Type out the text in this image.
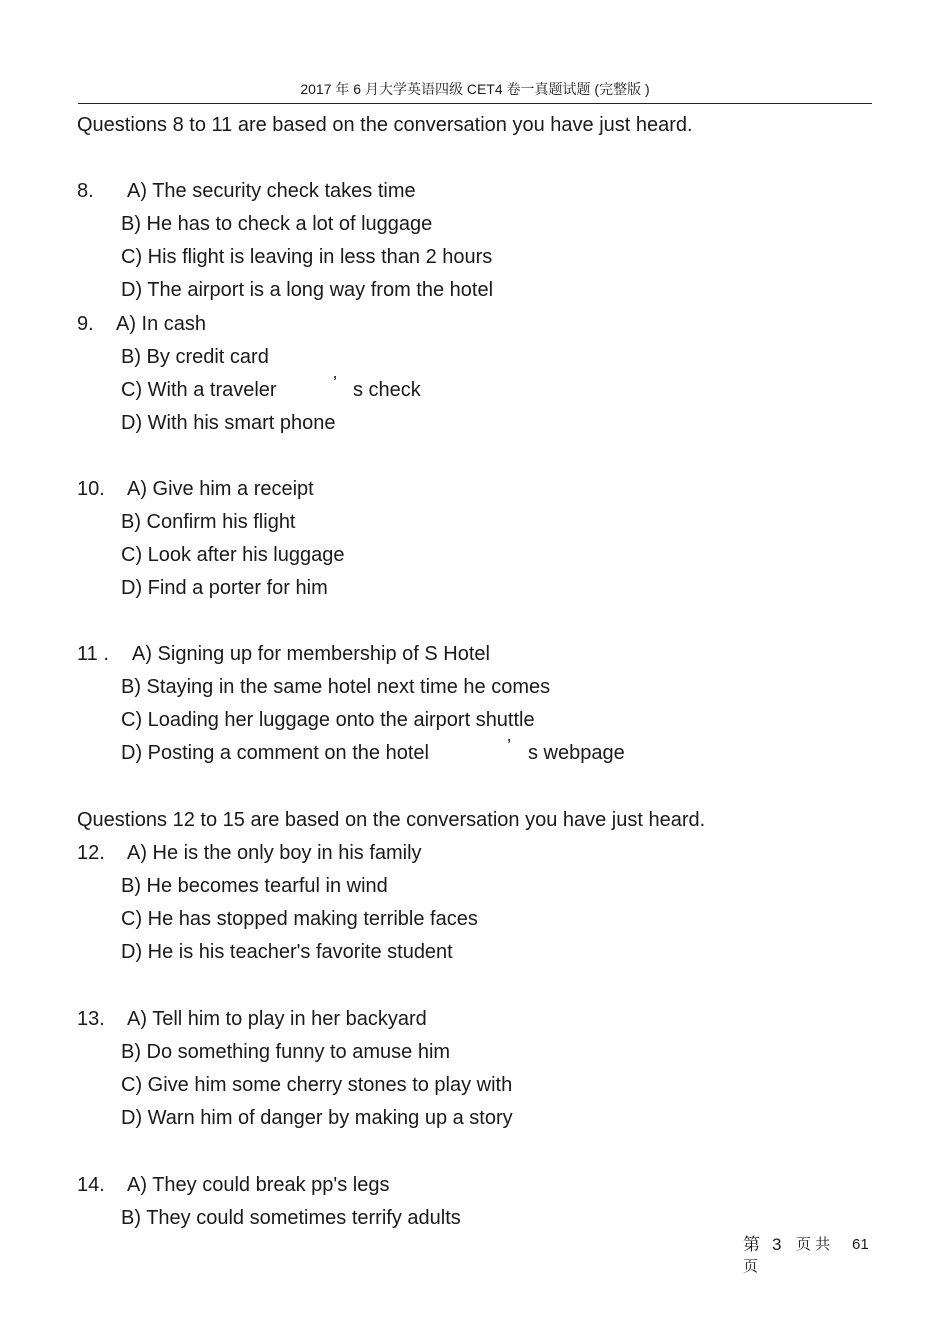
2017 年 6 月大学英语四级 CET4 卷一真题试题 (完整版 )
Questions 8 to 11 are based on the conversation you have just heard.
8. A) The security check takes time
B) He has to check a lot of luggage
C) His flight is leaving in less than 2 hours
D) The airport is a long way from the hotel
9. A) In cash
B) By credit card
C) With a traveler	’ s check
D) With his smart phone
10. A) Give him a receipt
B) Confirm his flight
C) Look after his luggage
D) Find a porter for him
11 . A) Signing up for membership of S Hotel
B) Staying in the same hotel next time he comes
C) Loading her luggage onto the airport shuttle
D) Posting a comment on the hotel	’ s webpage
Questions 12 to 15 are based on the conversation you have just heard.
12. A) He is the only boy in his family
B) He becomes tearful in wind
C) He has stopped making terrible faces
D) He is his teacher's favorite student
13. A) Tell him to play in her backyard
B) Do something funny to amuse him
C) Give him some cherry stones to play with
D) Warn him of danger by making up a story
14. A) They could break pp's legs
B) They could sometimes terrify adults
第 3 页 共 61
页
